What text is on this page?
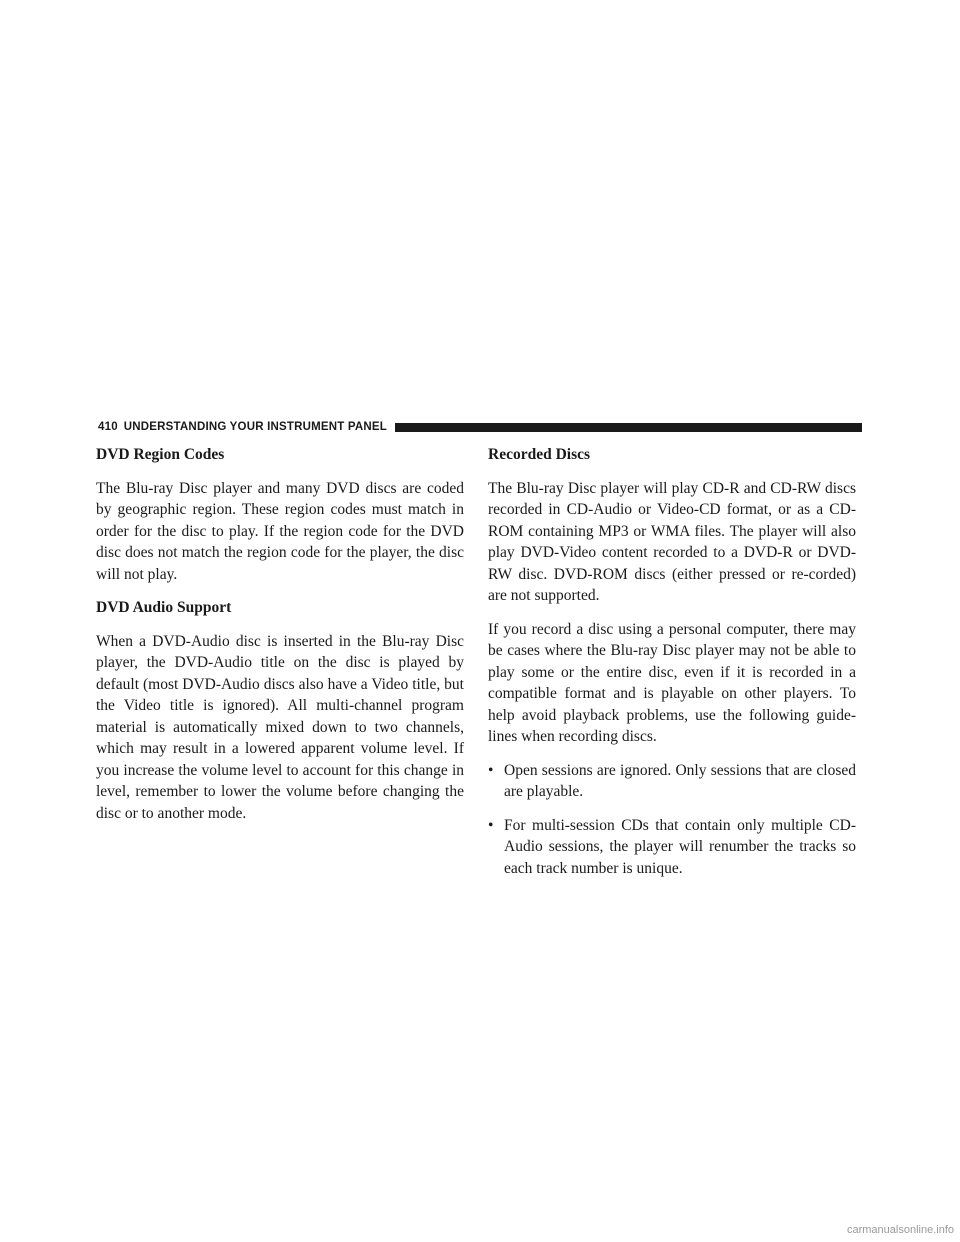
410 UNDERSTANDING YOUR INSTRUMENT PANEL
DVD Region Codes

The Blu-ray Disc player and many DVD discs are coded by geographic region. These region codes must match in order for the disc to play. If the region code for the DVD disc does not match the region code for the player, the disc will not play.

DVD Audio Support

When a DVD-Audio disc is inserted in the Blu-ray Disc player, the DVD-Audio title on the disc is played by default (most DVD-Audio discs also have a Video title, but the Video title is ignored). All multi-channel program material is automatically mixed down to two channels, which may result in a lowered apparent volume level. If you increase the volume level to account for this change in level, remember to lower the volume before changing the disc or to another mode.

Recorded Discs

The Blu-ray Disc player will play CD-R and CD-RW discs recorded in CD-Audio or Video-CD format, or as a CD-ROM containing MP3 or WMA files. The player will also play DVD-Video content recorded to a DVD-R or DVD-RW disc. DVD-ROM discs (either pressed or re-corded) are not supported.

If you record a disc using a personal computer, there may be cases where the Blu-ray Disc player may not be able to play some or the entire disc, even if it is recorded in a compatible format and is playable on other players. To help avoid playback problems, use the following guide-lines when recording discs.

• Open sessions are ignored. Only sessions that are closed are playable.
• For multi-session CDs that contain only multiple CD-Audio sessions, the player will renumber the tracks so each track number is unique.
carmanualsonline.info
